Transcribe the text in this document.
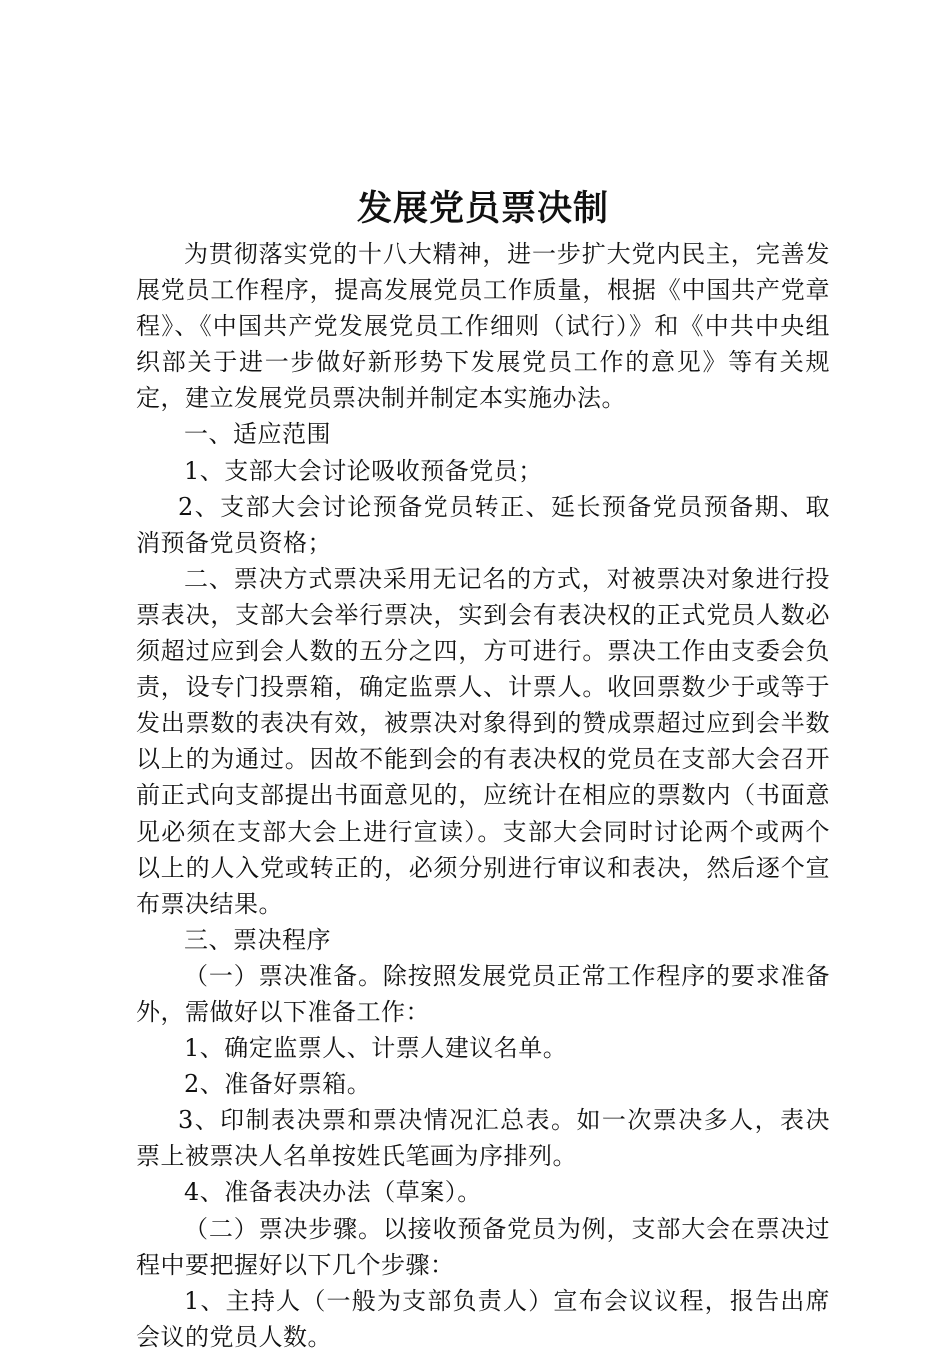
发展党员票决制

为贯彻落实党的十八大精神，进一步扩大党内民主，完善发展党员工作程序，提高发展党员工作质量，根据《中国共产党章程》、《中国共产党发展党员工作细则（试行）》和《中共中央组织部关于进一步做好新形势下发展党员工作的意见》等有关规定，建立发展党员票决制并制定本实施办法。

一、适应范围

1、支部大会讨论吸收预备党员；

2、支部大会讨论预备党员转正、延长预备党员预备期、取消预备党员资格；

二、票决方式票决采用无记名的方式，对被票决对象进行投票表决，支部大会举行票决，实到会有表决权的正式党员人数必须超过应到会人数的五分之四，方可进行。票决工作由支委会负责，设专门投票箱，确定监票人、计票人。收回票数少于或等于发出票数的表决有效，被票决对象得到的赞成票超过应到会半数以上的为通过。因故不能到会的有表决权的党员在支部大会召开前正式向支部提出书面意见的，应统计在相应的票数内（书面意见必须在支部大会上进行宣读）。支部大会同时讨论两个或两个以上的人入党或转正的，必须分别进行审议和表决，然后逐个宣布票决结果。

三、票决程序

（一）票决准备。除按照发展党员正常工作程序的要求准备外，需做好以下准备工作：

1、确定监票人、计票人建议名单。

2、准备好票箱。

3、印制表决票和票决情况汇总表。如一次票决多人，表决票上被票决人名单按姓氏笔画为序排列。

4、准备表决办法（草案）。

（二）票决步骤。以接收预备党员为例，支部大会在票决过程中要把握好以下几个步骤：

1、主持人（一般为支部负责人）宣布会议议程，报告出席会议的党员人数。
